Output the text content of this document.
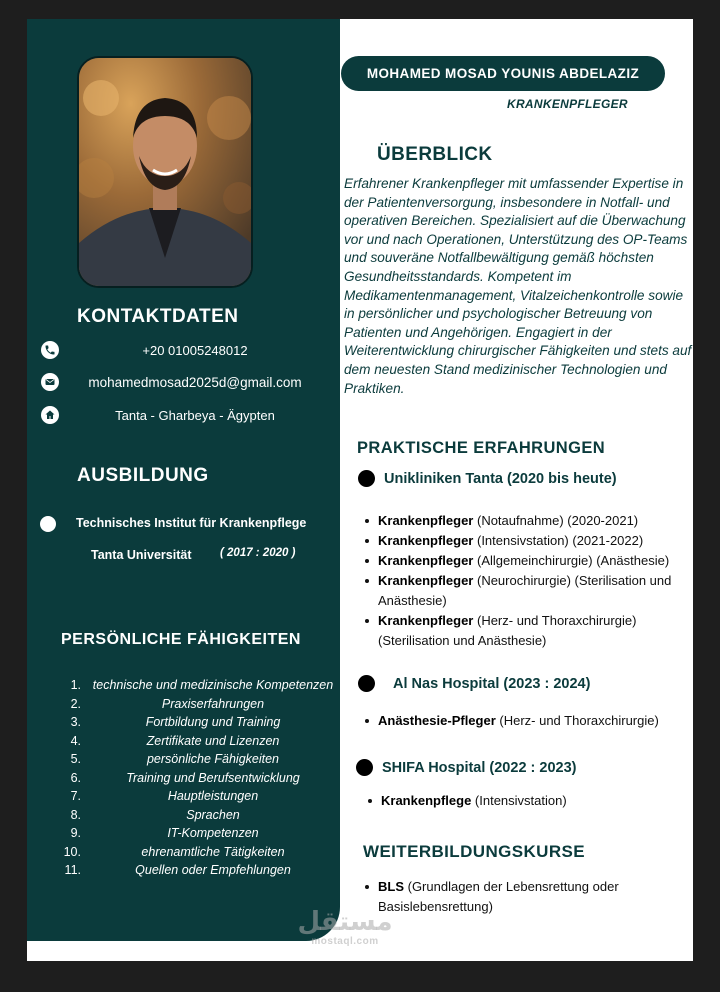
KONTAKTDATEN
+20 01005248012
mohamedmosad2025d@gmail.com
Tanta - Gharbeya - Ägypten
AUSBILDUNG
Technisches Institut für Krankenpflege
Tanta Universität ( 2017 : 2020 )
PERSÖNLICHE FÄHIGKEITEN
1. technische und medizinische Kompetenzen
2.	Praxiserfahrungen
3.	Fortbildung und Training
4.	Zertifikate und Lizenzen
5.	persönliche Fähigkeiten
6.	Training und Berufsentwicklung
7.	Hauptleistungen
8.	Sprachen
9.	IT-Kompetenzen
10.	ehrenamtliche Tätigkeiten
11.	Quellen oder Empfehlungen
MOHAMED MOSAD YOUNIS ABDELAZIZ
KRANKENPFLEGER
ÜBERBLICK
Erfahrener Krankenpfleger mit umfassender Expertise in der Patientenversorgung, insbesondere in Notfall- und operativen Bereichen. Spezialisiert auf die Überwachung vor und nach Operationen, Unterstützung des OP-Teams und souveräne Notfallbewältigung gemäß höchsten Gesundheitsstandards. Kompetent im Medikamentenmanagement, Vitalzeichenkontrolle sowie in persönlicher und psychologischer Betreuung von Patienten und Angehörigen. Engagiert in der Weiterentwicklung chirurgischer Fähigkeiten und stets auf dem neuesten Stand medizinischer Technologien und Praktiken.
PRAKTISCHE ERFAHRUNGEN
Unikliniken Tanta (2020 bis heute)
Krankenpfleger (Notaufnahme) (2020-2021)
Krankenpfleger (Intensivstation) (2021-2022)
Krankenpfleger (Allgemeinchirurgie) (Anästhesie)
Krankenpfleger (Neurochirurgie) (Sterilisation und Anästhesie)
Krankenpfleger (Herz- und Thoraxchirurgie) (Sterilisation und Anästhesie)
Al Nas Hospital (2023 : 2024)
Anästhesie-Pfleger (Herz- und Thoraxchirurgie)
SHIFA Hospital (2022 : 2023)
Krankenpflege (Intensivstation)
WEITERBILDUNGSKURSE
BLS (Grundlagen der Lebensrettung oder Basislebensrettung)
مستقل
mostaql.com
